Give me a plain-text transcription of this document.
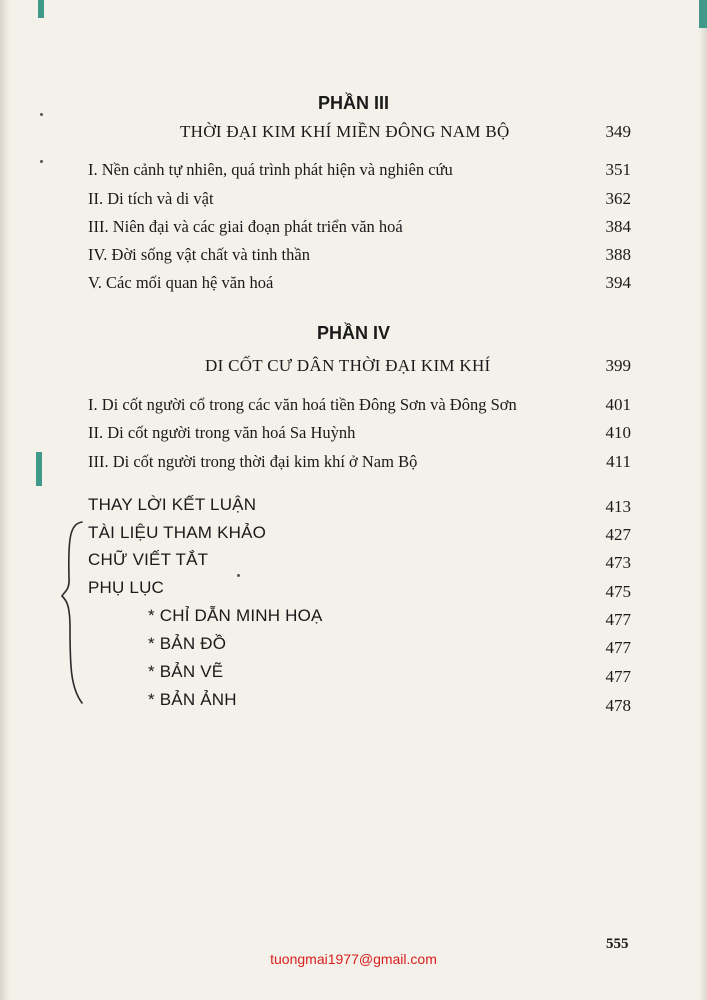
PHẦN III
THỜI ĐẠI KIM KHÍ MIỀN ĐÔNG NAM BỘ	349
I. Nền cảnh tự nhiên, quá trình phát hiện và nghiên cứu	351
II. Di tích và di vật	362
III. Niên đại và các giai đoạn phát triển văn hoá	384
IV. Đời sống vật chất và tinh thần	388
V. Các mối quan hệ văn hoá	394
PHẦN IV
DI CỐT CƯ DÂN THỜI ĐẠI KIM KHÍ	399
I. Di cốt người cổ trong các văn hoá tiền Đông Sơn và Đông Sơn	401
II. Di cốt người trong văn hoá Sa Huỳnh	410
III. Di cốt người trong thời đại kim khí ở Nam Bộ	411
THAY LỜI KẾT LUẬN	413
TÀI LIỆU THAM KHẢO	427
CHỮ VIẾT TẮT	473
PHỤ LỤC	475
* CHỈ DẪN MINH HOẠ	477
* BẢN ĐỒ	477
* BẢN VẼ	477
* BẢN ẢNH	478
555
tuongmai1977@gmail.com
